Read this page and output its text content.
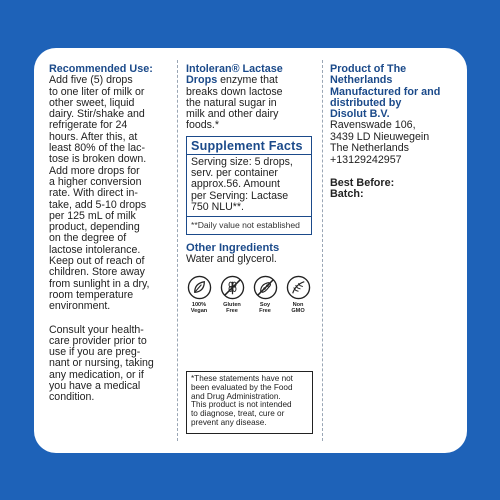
Recommended Use:
Add five (5) drops
to one liter of milk or
other sweet, liquid
dairy. Stir/shake and
refrigerate for 24
hours. After this, at
least 80% of the lac-
tose is broken down.
Add more drops for
a higher conversion
rate. With direct in-
take, add 5-10 drops
per 125 mL of milk
product, depending
on the degree of
lactose intolerance.
Keep out of reach of
children. Store away
from sunlight in a dry,
room temperature
environment.
Consult your health-
care provider prior to
use if you are preg-
nant or nursing, taking
any medication, or if
you have a medical
condition.
Intoleran® Lactase
Drops enzyme that
breaks down lactose
the natural sugar in
milk and other dairy
foods.*
Supplement Facts
Serving size: 5 drops,
serv. per container
approx.56. Amount
per Serving: Lactase
750 NLU**.
**Daily value not established
Other Ingredients
Water and glycerol.
100%
Vegan
Gluten
Free
Soy
Free
Non
GMO
*These statements have not
been evaluated by the Food
and Drug Administration.
This product is not intended
to diagnose, treat, cure or
prevent any disease.
Product of The
Netherlands
Manufactured for and
distributed by
Disolut B.V.
Ravenswade 106,
3439 LD Nieuwegein
The Netherlands
+13129242957
Best Before:
Batch:
